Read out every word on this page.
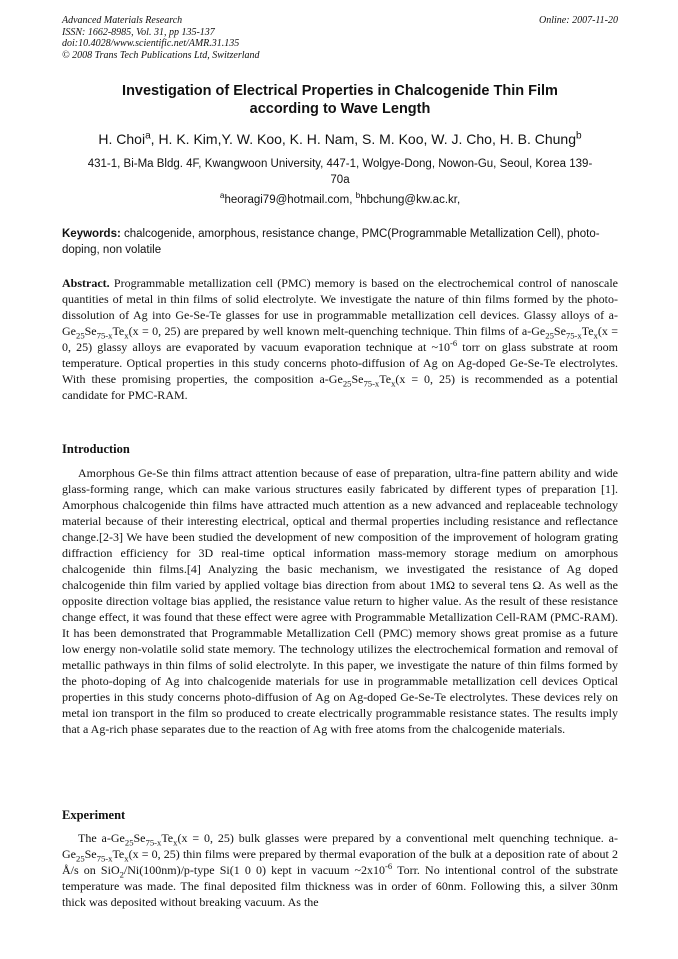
Advanced Materials Research
ISSN: 1662-8985, Vol. 31, pp 135-137
doi:10.4028/www.scientific.net/AMR.31.135
© 2008 Trans Tech Publications Ltd, Switzerland
Online: 2007-11-20
Investigation of Electrical Properties in Chalcogenide Thin Film
according to Wave Length
H. Choi$^a$, H. K. Kim,Y. W. Koo, K. H. Nam, S. M. Koo, W. J. Cho, H. B. Chung$^b$
431-1, Bi-Ma Bldg. 4F, Kwangwoon University, 447-1, Wolgye-Dong, Nowon-Gu, Seoul, Korea 139-70a
$^a$heoragi79@hotmail.com, $^b$hbchung@kw.ac.kr,
Keywords: chalcogenide, amorphous, resistance change, PMC(Programmable Metallization Cell), photo-doping, non volatile
Abstract. Programmable metallization cell (PMC) memory is based on the electrochemical control of nanoscale quantities of metal in thin films of solid electrolyte. We investigate the nature of thin films formed by the photo-dissolution of Ag into Ge-Se-Te glasses for use in programmable metallization cell devices. Glassy alloys of $a-Ge_{25}Se_{75-x}Te_x(x = 0$, 25) are prepared by well known melt-quenching technique. Thin films of $a-Ge_{25}Se_{75-x}Te_x(x = 0$, 25) glassy alloys are evaporated by vacuum evaporation technique at $\sim 10^{-6}$ torr on glass substrate at room temperature. Optical properties in this study concerns photo-diffusion of Ag on Ag-doped Ge-Se-Te electrolytes. With these promising properties, the composition $a-Ge_{25}Se_{75-x}Te_x(x = 0$, 25) is recommended as a potential candidate for PMC-RAM.
Introduction
Amorphous Ge-Se thin films attract attention because of ease of preparation, ultra-fine pattern ability and wide glass-forming range, which can make various structures easily fabricated by different types of preparation [1]. Amorphous chalcogenide thin films have attracted much attention as a new advanced and replaceable technology material because of their interesting electrical, optical and thermal properties including resistance and reflectance change.[2-3] We have been studied the development of new composition of the improvement of hologram grating diffraction efficiency for 3D real-time optical information mass-memory storage medium on amorphous chalcogenide thin films.[4] Analyzing the basic mechanism, we investigated the resistance of Ag doped chalcogenide thin film varied by applied voltage bias direction from about 1MΩ to several tens Ω. As well as the opposite direction voltage bias applied, the resistance value return to higher value. As the result of these resistance change effect, it was found that these effect were agree with Programmable Metallization Cell-RAM (PMC-RAM). It has been demonstrated that Programmable Metallization Cell (PMC) memory shows great promise as a future low energy non-volatile solid state memory. The technology utilizes the electrochemical formation and removal of metallic pathways in thin films of solid electrolyte. In this paper, we investigate the nature of thin films formed by the photo-doping of Ag into chalcogenide materials for use in programmable metallization cell devices Optical properties in this study concerns photo-diffusion of Ag on Ag-doped Ge-Se-Te electrolytes. These devices rely on metal ion transport in the film so produced to create electrically programmable resistance states. The results imply that a Ag-rich phase separates due to the reaction of Ag with free atoms from the chalcogenide materials.
Experiment
The $a-Ge_{25}Se_{75-x}Te_x(x = 0$, 25) bulk glasses were prepared by a conventional melt quenching technique. $a-Ge_{25}Se_{75-x}Te_x(x = 0$, 25) thin films were prepared by thermal evaporation of the bulk at a deposition rate of about 2 Å/s on SiO$_2$/Ni(100nm)/p-type Si(1 0 0) kept in vacuum $\sim 2x10^{-6}$ Torr. No intentional control of the substrate temperature was made. The final deposited film thickness was in order of 60nm. Following this, a silver 30nm thick was deposited without breaking vacuum. As the
